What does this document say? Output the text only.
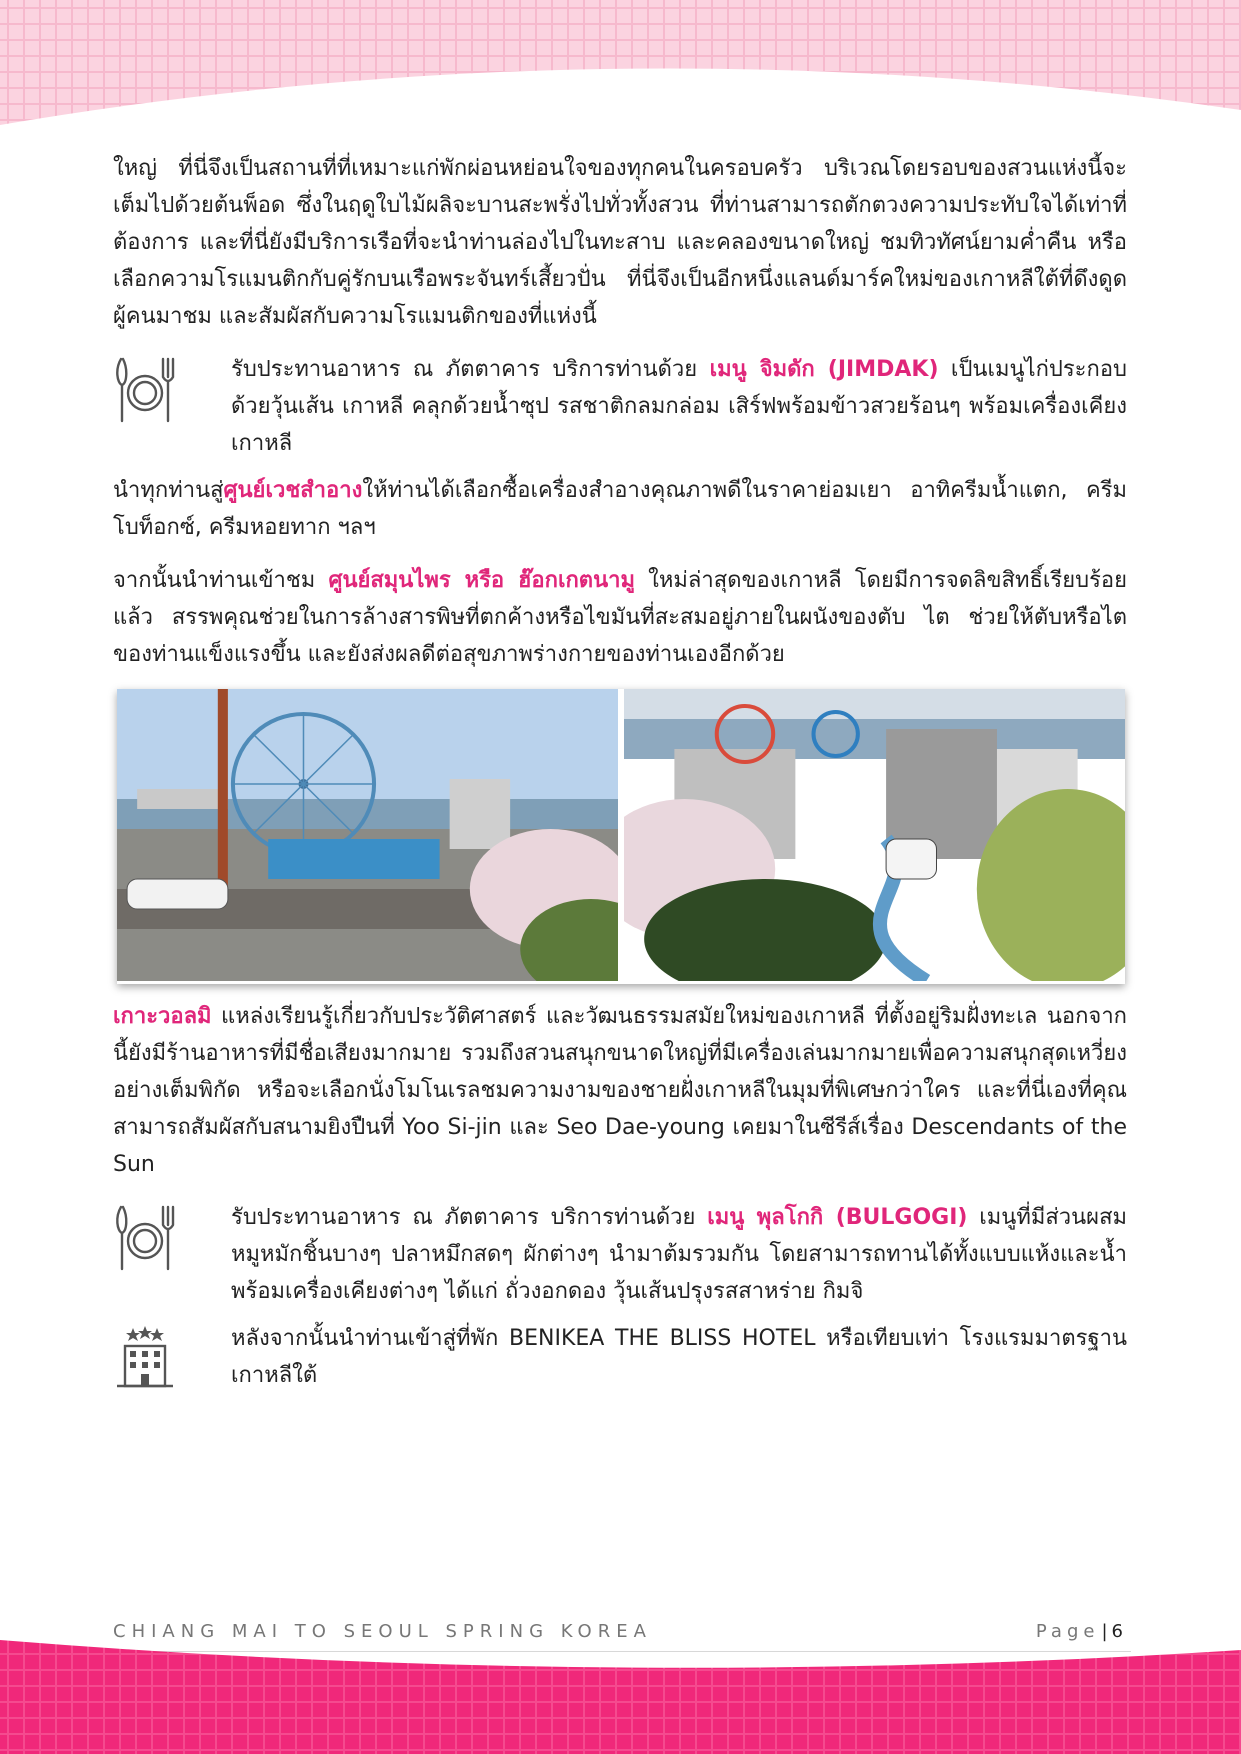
ใหญ่ ที่นี่จึงเป็นสถานที่ที่เหมาะแก่พักผ่อนหย่อนใจของทุกคนในครอบครัว บริเวณโดยรอบของสวนแห่งนี้จะเต็มไปด้วยต้นพ็อด ซึ่งในฤดูใบไม้ผลิจะบานสะพรั่งไปทั่วทั้งสวน ที่ท่านสามารถตักตวงความประทับใจได้เท่าที่ต้องการ และที่นี่ยังมีบริการเรือที่จะนำท่านล่องไปในทะสาบ และคลองขนาดใหญ่ ชมทิวทัศน์ยามค่ำคืน หรือเลือกความโรแมนติกกับคู่รักบนเรือพระจันทร์เสี้ยวปั่น ที่นี่จึงเป็นอีกหนึ่งแลนด์มาร์คใหม่ของเกาหลีใต้ที่ดึงดูดผู้คนมาชม และสัมผัสกับความโรแมนติกของที่แห่งนี้

รับประทานอาหาร ณ ภัตตาคาร บริการท่านด้วย เมนู จิมดัก (JIMDAK) เป็นเมนูไก่ประกอบด้วยวุ้นเส้น เกาหลี คลุกด้วยน้ำซุป รสชาติกลมกล่อม เสิร์ฟพร้อมข้าวสวยร้อนๆ พร้อมเครื่องเคียงเกาหลี

นำทุกท่านสู่ศูนย์เวชสำอางให้ท่านได้เลือกซื้อเครื่องสำอางคุณภาพดีในราคาย่อมเยา อาทิครีมน้ำแตก, ครีมโบท็อกซ์, ครีมหอยทาก ฯลฯ

จากนั้นนำท่านเข้าชม ศูนย์สมุนไพร หรือ ฮ๊อกเกตนามู ใหม่ล่าสุดของเกาหลี โดยมีการจดลิขสิทธิ์เรียบร้อยแล้ว สรรพคุณช่วยในการล้างสารพิษที่ตกค้างหรือไขมันที่สะสมอยู่ภายในผนังของตับ ไต ช่วยให้ตับหรือไตของท่านแข็งแรงขึ้น และยังส่งผลดีต่อสุขภาพร่างกายของท่านเองอีกด้วย

เกาะวอลมิ แหล่งเรียนรู้เกี่ยวกับประวัติศาสตร์ และวัฒนธรรมสมัยใหม่ของเกาหลี ที่ตั้งอยู่ริมฝั่งทะเล นอกจากนี้ยังมีร้านอาหารที่มีชื่อเสียงมากมาย รวมถึงสวนสนุกขนาดใหญ่ที่มีเครื่องเล่นมากมายเพื่อความสนุกสุดเหวี่ยงอย่างเต็มพิกัด หรือจะเลือกนั่งโมโนเรลชมความงามของชายฝั่งเกาหลีในมุมที่พิเศษกว่าใคร และที่นี่เองที่คุณสามารถสัมผัสกับสนามยิงปืนที่ Yoo Si-jin และ Seo Dae-young เคยมาในซีรีส์เรื่อง Descendants of the Sun

รับประทานอาหาร ณ ภัตตาคาร บริการท่านด้วย เมนู พุลโกกิ (BULGOGI) เมนูที่มีส่วนผสม หมูหมักชิ้นบางๆ ปลาหมึกสดๆ ผักต่างๆ นำมาต้มรวมกัน โดยสามารถทานได้ทั้งแบบแห้งและน้ำ พร้อมเครื่องเคียงต่างๆ ได้แก่ ถั่วงอกดอง วุ้นเส้นปรุงรสสาหร่าย กิมจิ

หลังจากนั้นนำท่านเข้าสู่ที่พัก BENIKEA THE BLISS HOTEL หรือเทียบเท่า โรงแรมมาตรฐานเกาหลีใต้

CHIANG MAI TO SEOUL SPRING KOREA	Page | 6
